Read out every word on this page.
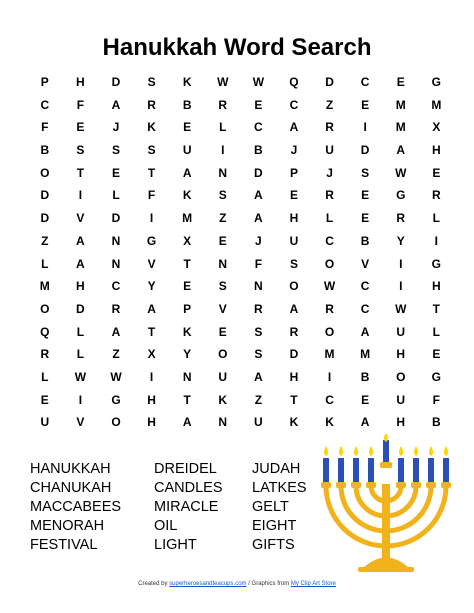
Hanukkah Word Search
P	H	D	S	K	W	W	Q	D	C	E	G
C	F	A	R	B	R	E	C	Z	E	M	M
F	E	J	K	E	L	C	A	R	I	M	X
B	S	S	S	U	I	B	J	U	D	A	H
O	T	E	T	A	N	D	P	J	S	W	E
D	I	L	F	K	S	A	E	R	E	G	R
D	V	D	I	M	Z	A	H	L	E	R	L
Z	A	N	G	X	E	J	U	C	B	Y	I
L	A	N	V	T	N	F	S	O	V	I	G
M	H	C	Y	E	S	N	O	W	C	I	H
O	D	R	A	P	V	R	A	R	C	W	T
Q	L	A	T	K	E	S	R	O	A	U	L
R	L	Z	X	Y	O	S	D	M	M	H	E
L	W	W	I	N	U	A	H	I	B	O	G
E	I	G	H	T	K	Z	T	C	E	U	F
U	V	O	H	A	N	U	K	K	A	H	B
HANUKKAH
CHANUKAH
MACCABEES
MENORAH
FESTIVAL
DREIDEL
CANDLES
MIRACLE
OIL
LIGHT
JUDAH
LATKES
GELT
EIGHT
GIFTS
Created by superheroesandteacups.com / Graphics from My Clip Art Store
